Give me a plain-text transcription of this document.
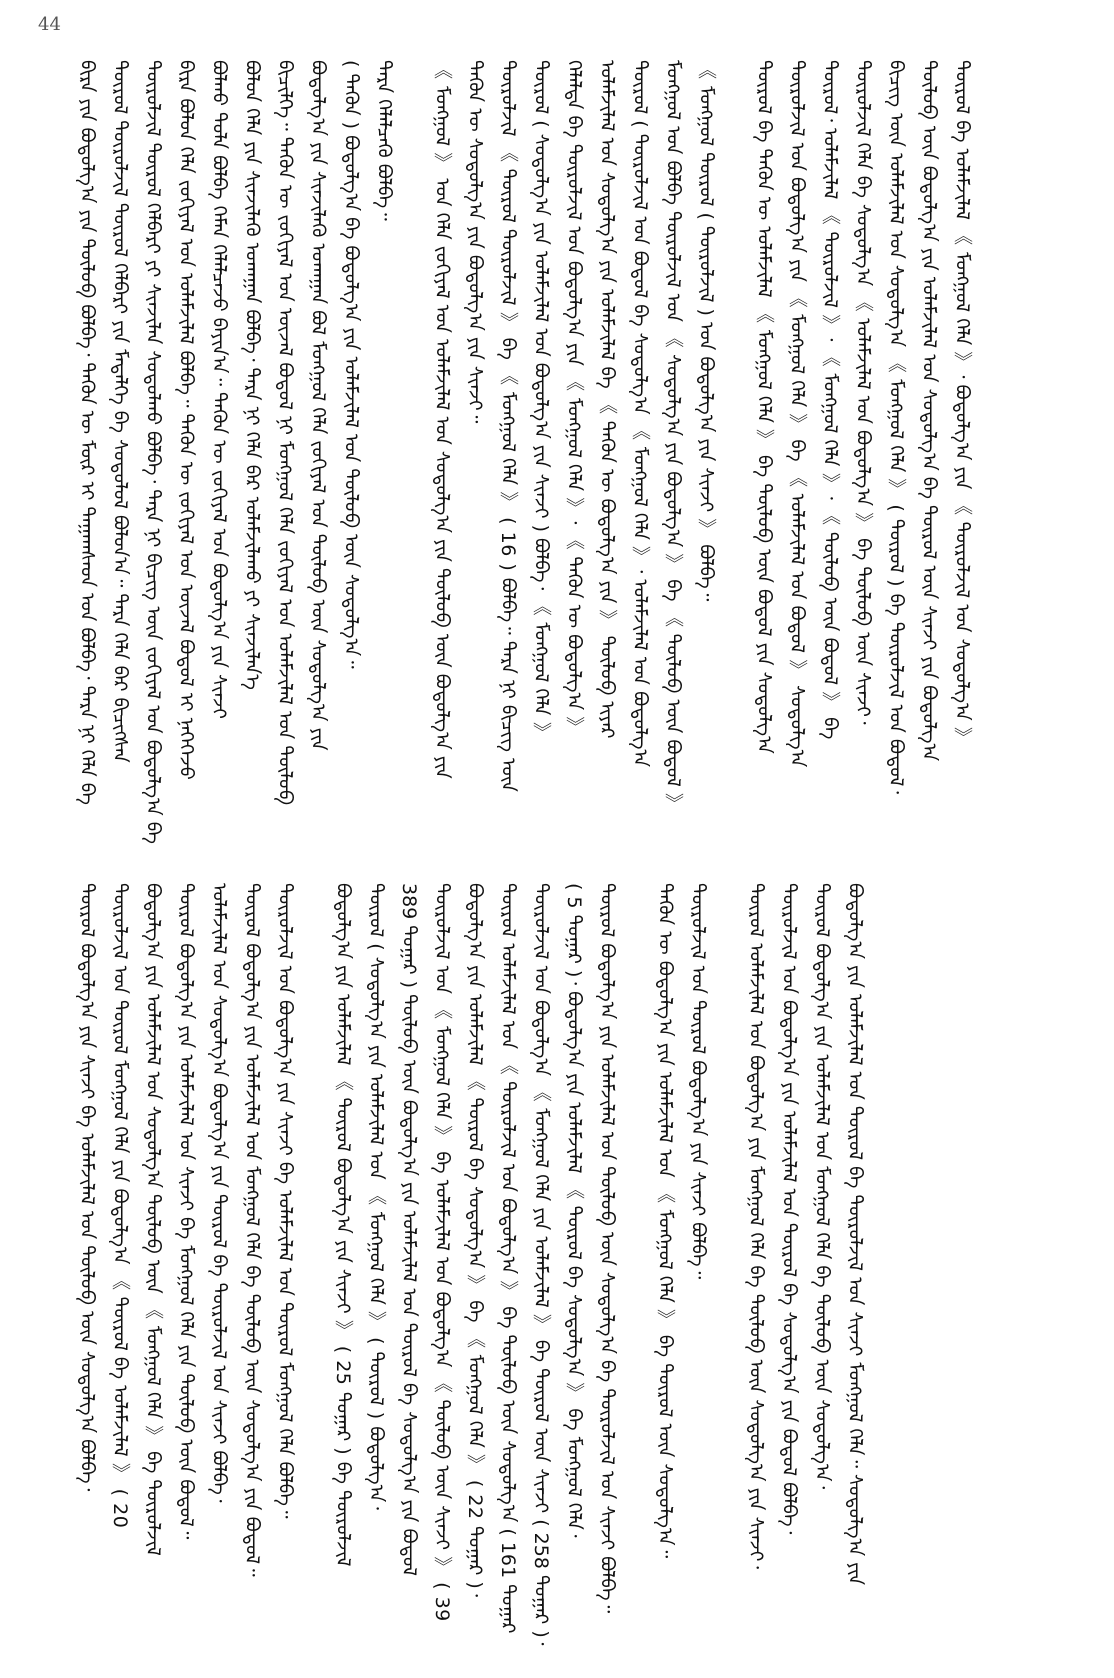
44
ᠪᠢᠷᠠ ᠶᠢᠨ ᠪᠣᠳᠤᠯᠭ᠎ᠠ ᠶᠢᠨ ᠲᠥᠯᠦᠪ ᠪᠣᠯᠪᠠ᠂ ᠲᠡᠭᠦᠨ ᠦ ᠮᠥᠷ ᠢ ᠳᠠᠭᠠᠭᠰᠠᠳ ᠣᠨ ᠪᠣᠯᠪᠠ᠂ ᠲᠡᠷᠡ ᠨᠢ ᠬᠡᠯᠡ ᠪᠡ ᠲᠥᠷᠦᠯ ᠲᠥᠷᠥᠯᠵᠢᠯ ᠲᠥᠷᠦᠯ ᠬᠡᠯᠪᠡᠷᠢ ᠶᠢᠨ ᠮᠡᠳᠡᠯᠭᠡ ᠪᠠ ᠰᠤᠳᠤᠯᠤᠯ ᠪᠣᠯᠤᠨ᠎ᠠ᠃ ᠲᠡᠷᠡ ᠬᠡᠯᠡ ᠪᠡᠷ ᠪᠢᠴᠢᠭᠰᠡᠨ ᠲᠥᠷᠥᠯᠵᠢᠯ ᠲᠥᠷᠦᠯ ᠬᠡᠯᠪᠡᠷᠢ ᠶᠢ ᠰᠢᠨᠵᠢᠯᠡᠨ ᠰᠤᠳᠤᠯᠬᠤ ᠪᠣᠯᠪᠠ᠂ ᠲᠡᠷᠡ ᠨᠢ ᠪᠢᠴᠢᠭ ᠦᠨ ᠵᠣᠬᠢᠶᠠᠯ ᠤᠨ ᠪᠣᠳᠤᠯᠭ᠎ᠠ ᠪᠠ ᠪᠢᠷᠠ ᠪᠣᠯᠤᠨ ᠬᠡᠯᠡ ᠵᠣᠬᠢᠶᠠᠯ ᠤᠨ ᠤᠯᠠᠮᠵᠢᠯᠠᠯ ᠪᠣᠯᠪᠠ᠃ ᠲᠡᠭᠦᠨ ᠦ ᠵᠣᠬᠢᠶᠠᠯ ᠤᠨ ᠦᠵᠡᠯ ᠪᠣᠳᠤᠯ ᠢ ᠨᠡᠭᠡᠭᠡᠵᠦ ᠪᠣᠯᠬᠤ ᠲᠤᠯᠠ ᠪᠣᠯᠪᠠ ᠬᠡᠮᠡᠨ ᠬᠡᠯᠡᠯᠴᠡᠵᠦ ᠪᠠᠶᠢᠨ᠎ᠠ᠃ ᠲᠡᠭᠦᠨ ᠦ ᠵᠣᠬᠢᠶᠠᠯ ᠤᠨ ᠪᠣᠳᠤᠯᠭ᠎ᠠ ᠶᠢᠨ ᠰᠢᠨᠵᠢ ᠪᠣᠯᠣᠨ ᠬᠡᠯᠡ ᠶᠢᠨ ᠰᠢᠨᠵᠢᠯᠡᠬᠦ ᠤᠬᠠᠭᠠᠨ ᠪᠣᠯᠪᠠ᠂ ᠲᠡᠷᠡ ᠨᠢ ᠬᠡᠯᠡ ᠪᠡᠷ ᠤᠯᠠᠮᠵᠢᠯᠠᠬᠤ ᠶᠢ ᠰᠢᠨᠵᠢᠯᠡᠨ᠎ᠡ ᠪᠢᠴᠢᠯᠭᠡ᠃ ᠲᠡᠭᠦᠨ ᠦ ᠵᠣᠬᠢᠶᠠᠯ ᠤᠨ ᠦᠵᠡᠯ ᠪᠣᠳᠤᠯ ᠨᠢ ᠮᠣᠩᠭᠣᠯ ᠬᠡᠯᠡ ᠵᠣᠬᠢᠶᠠᠯ ᠤᠨ ᠤᠯᠠᠮᠵᠢᠯᠠᠯ ᠤᠨ ᠲᠥᠯᠦᠪ ᠪᠣᠳᠤᠯᠭ᠎ᠠ ᠶᠢᠨ ᠰᠢᠨᠵᠢᠯᠡᠬᠦ ᠤᠬᠠᠭᠠᠨ ᠪᠣᠯ ᠮᠣᠩᠭᠣᠯ ᠬᠡᠯᠡ ᠵᠣᠬᠢᠶᠠᠯ ᠤᠨ ᠲᠥᠯᠦᠪ ᠦᠨ ᠰᠤᠳᠤᠯᠭ᠎ᠠ ᠶᠢᠨ ( ᠲᠡᠭᠦᠨ ) ᠪᠣᠳᠤᠯᠭ᠎ᠠ ᠪᠠ ᠪᠣᠳᠤᠯᠭ᠎ᠠ ᠶᠢᠨ ᠤᠯᠠᠮᠵᠢᠯᠠᠯ ᠤᠨ ᠲᠥᠯᠦᠪ ᠦᠨ ᠰᠤᠳᠤᠯᠭ᠎ᠠ᠃ ᠲᠡᠷᠡ ᠬᠡᠯᠡᠯᠴᠡᠬᠦ ᠪᠣᠯᠪᠠ᠃ 《 ᠮᠣᠩᠭᠣᠯ 》 ᠤᠨ ᠬᠡᠯᠡ ᠵᠣᠬᠢᠶᠠᠯ ᠤᠨ ᠤᠯᠠᠮᠵᠢᠯᠠᠯ ᠤᠨ ᠰᠤᠳᠤᠯᠭ᠎ᠠ ᠶᠢᠨ ᠲᠥᠯᠦᠪ ᠦᠨ ᠪᠣᠳᠤᠯᠭ᠎ᠠ ᠶᠢᠨ ᠲᠡᠭᠦᠨ ᠦ ᠰᠤᠳᠤᠯᠭ᠎ᠠ ᠶᠢᠨ ᠪᠣᠳᠤᠯᠭ᠎ᠠ ᠶᠢᠨ ᠰᠢᠨᠵᠢ᠃ ᠲᠥᠷᠥᠯᠵᠢᠯ 《 ᠲᠥᠷᠦᠯ ᠲᠥᠷᠥᠯᠵᠢᠯ 》 ᠪᠠ 《 ᠮᠣᠩᠭᠣᠯ ᠬᠡᠯᠡ 》 ( 16 ) ᠪᠣᠯᠪᠠ᠃ ᠲᠡᠷᠡ ᠨᠢ ᠪᠢᠴᠢᠭ ᠦᠨ ᠲᠥᠷᠦᠯ ( ᠰᠤᠳᠤᠯᠭ᠎ᠠ ᠶᠢᠨ ᠤᠯᠠᠮᠵᠢᠯᠠᠯ ᠤᠨ ᠪᠣᠳᠤᠯᠭ᠎ᠠ ᠶᠢᠨ ᠰᠢᠨᠵᠢ ) ᠪᠣᠯᠪᠠ᠂ 《 ᠮᠣᠩᠭᠣᠯ ᠬᠡᠯᠡ 》 ᠬᠡᠯᠡᠯᠲᠡ ᠪᠠ ᠲᠥᠷᠥᠯᠵᠢᠯ ᠤᠨ ᠪᠣᠳᠤᠯᠭ᠎ᠠ ᠶᠢᠨ 《 ᠮᠣᠩᠭᠣᠯ ᠬᠡᠯᠡ 》᠂ 《 ᠲᠡᠭᠦᠨ ᠦ ᠪᠣᠳᠤᠯᠭ᠎ᠠ 》 ᠤᠯᠠᠮᠵᠢᠯᠠᠯ ᠤᠨ ᠰᠤᠳᠤᠯᠭ᠎ᠠ ᠶᠢᠨ ᠤᠯᠠᠮᠵᠢᠯᠠᠯ ᠪᠠ 《 ᠲᠡᠭᠦᠨ ᠦ ᠪᠣᠳᠤᠯᠭ᠎ᠠ ᠶᠢᠨ 》 ᠲᠥᠯᠦᠪ ᠢᠶᠠᠷ ᠲᠥᠷᠦᠯ ( ᠲᠥᠷᠥᠯᠵᠢᠯ ᠤᠨ ᠪᠣᠳᠤᠯ ᠪᠠ ᠰᠤᠳᠤᠯᠭ᠎ᠠ 《 ᠮᠣᠩᠭᠣᠯ ᠬᠡᠯᠡ 》᠂ ᠤᠯᠠᠮᠵᠢᠯᠠᠯ ᠤᠨ ᠪᠣᠳᠤᠯᠭ᠎ᠠ ᠮᠣᠩᠭᠣᠯ ᠤᠨ ᠪᠣᠯᠪᠠ ᠲᠥᠷᠥᠯᠵᠢᠯ ᠤᠨ 《 ᠰᠤᠳᠤᠯᠭ᠎ᠠ ᠶᠢᠨ ᠪᠣᠳᠤᠯᠭ᠎ᠠ 》 ᠪᠠ 《 ᠲᠥᠯᠦᠪ ᠦᠨ ᠪᠣᠳᠤᠯ 》 《 ᠮᠣᠩᠭᠣᠯ ᠲᠥᠷᠦᠯ ( ᠲᠥᠷᠥᠯᠵᠢᠯ ) ᠤᠨ ᠪᠣᠳᠤᠯᠭ᠎ᠠ ᠶᠢᠨ ᠰᠢᠨᠵᠢ 》 ᠪᠣᠯᠪᠠ᠃ ᠲᠥᠷᠦᠯ ᠪᠠ ᠲᠡᠭᠦᠨ ᠦ ᠤᠯᠠᠮᠵᠢᠯᠠᠯ 《 ᠮᠣᠩᠭᠣᠯ ᠬᠡᠯᠡ 》 ᠪᠠ ᠲᠥᠯᠦᠪ ᠦᠨ ᠪᠣᠳᠤᠯ ᠶᠢᠨ ᠰᠤᠳᠤᠯᠭ᠎ᠠ ᠲᠥᠷᠥᠯᠵᠢᠯ ᠤᠨ ᠪᠣᠳᠤᠯᠭ᠎ᠠ ᠶᠢᠨ 《 ᠮᠣᠩᠭᠣᠯ ᠬᠡᠯᠡ 》 ᠪᠠ 《 ᠤᠯᠠᠮᠵᠢᠯᠠᠯ ᠤᠨ ᠪᠣᠳᠤᠯ 》 ᠰᠤᠳᠤᠯᠭ᠎ᠠ ᠲᠥᠷᠦᠯ᠂ ᠤᠯᠠᠮᠵᠢᠯᠠᠯ 《 ᠲᠥᠷᠥᠯᠵᠢᠯ 》᠂ 《 ᠮᠣᠩᠭᠣᠯ ᠬᠡᠯᠡ 》᠂ 《 ᠲᠥᠯᠦᠪ ᠦᠨ ᠪᠣᠳᠤᠯ 》 ᠪᠠ ᠲᠥᠷᠥᠯᠵᠢᠯ ᠬᠡᠯᠡ ᠪᠠ ᠰᠤᠳᠤᠯᠭ᠎ᠠ 《 ᠤᠯᠠᠮᠵᠢᠯᠠᠯ ᠤᠨ ᠪᠣᠳᠤᠯᠭ᠎ᠠ 》 ᠪᠠ ᠲᠥᠯᠦᠪ ᠦᠨ ᠰᠢᠨᠵᠢ᠂ ᠪᠢᠴᠢᠭ ᠦᠨ ᠤᠯᠠᠮᠵᠢᠯᠠᠯ ᠤᠨ ᠰᠤᠳᠤᠯᠭ᠎ᠠ 《 ᠮᠣᠩᠭᠣᠯ ᠬᠡᠯᠡ 》 ( ᠲᠥᠷᠦᠯ ) ᠪᠠ ᠲᠥᠷᠥᠯᠵᠢᠯ ᠤᠨ ᠪᠣᠳᠤᠯ᠂ ᠲᠥᠯᠦᠪ ᠦᠨ ᠪᠣᠳᠤᠯᠭ᠎ᠠ ᠶᠢᠨ ᠤᠯᠠᠮᠵᠢᠯᠠᠯ ᠤᠨ ᠰᠤᠳᠤᠯᠭ᠎ᠠ ᠪᠠ ᠲᠥᠷᠦᠯ ᠦᠨ ᠰᠢᠨᠵᠢ ᠶᠢᠨ ᠪᠣᠳᠤᠯᠭ᠎ᠠ ᠲᠥᠷᠦᠯ ᠪᠠ ᠤᠯᠠᠮᠵᠢᠯᠠᠯ 《 ᠮᠣᠩᠭᠣᠯ ᠬᠡᠯᠡ 》᠂ ᠪᠣᠳᠤᠯᠭ᠎ᠠ ᠶᠢᠨ 《 ᠲᠥᠷᠥᠯᠵᠢᠯ ᠤᠨ ᠰᠤᠳᠤᠯᠭ᠎ᠠ 》
ᠲᠥᠷᠦᠯ ᠪᠣᠳᠤᠯᠭ᠎ᠠ ᠶᠢᠨ ᠰᠢᠨᠵᠢ ᠪᠠ ᠤᠯᠠᠮᠵᠢᠯᠠᠯ ᠤᠨ ᠲᠥᠯᠦᠪ ᠦᠨ ᠰᠤᠳᠤᠯᠭ᠎ᠠ ᠪᠣᠯᠪᠠ᠂ ᠲᠥᠷᠥᠯᠵᠢᠯ ᠤᠨ ᠲᠥᠷᠦᠯ ᠮᠣᠩᠭᠣᠯ ᠬᠡᠯᠡ ᠶᠢᠨ ᠪᠣᠳᠤᠯᠭ᠎ᠠ 《 ᠲᠥᠷᠦᠯ ᠪᠠ ᠤᠯᠠᠮᠵᠢᠯᠠᠯ 》 ( 20 ᠪᠣᠳᠤᠯᠭ᠎ᠠ ᠶᠢᠨ ᠤᠯᠠᠮᠵᠢᠯᠠᠯ ᠤᠨ ᠰᠤᠳᠤᠯᠭ᠎ᠠ ᠲᠥᠯᠦᠪ ᠦᠨ 《 ᠮᠣᠩᠭᠣᠯ ᠬᠡᠯᠡ 》 ᠪᠠ ᠲᠥᠷᠥᠯᠵᠢᠯ ᠲᠥᠷᠦᠯ ᠪᠣᠳᠤᠯᠭ᠎ᠠ ᠶᠢᠨ ᠤᠯᠠᠮᠵᠢᠯᠠᠯ ᠤᠨ ᠰᠢᠨᠵᠢ ᠪᠠ ᠮᠣᠩᠭᠣᠯ ᠬᠡᠯᠡ ᠶᠢᠨ ᠲᠥᠯᠦᠪ ᠦᠨ ᠪᠣᠳᠤᠯ᠃ ᠤᠯᠠᠮᠵᠢᠯᠠᠯ ᠤᠨ ᠰᠤᠳᠤᠯᠭ᠎ᠠ ᠪᠣᠳᠤᠯᠭ᠎ᠠ ᠶᠢᠨ ᠲᠥᠷᠦᠯ ᠪᠠ ᠲᠥᠷᠥᠯᠵᠢᠯ ᠤᠨ ᠰᠢᠨᠵᠢ ᠪᠣᠯᠪᠠ᠂ ᠲᠥᠷᠦᠯ ᠪᠣᠳᠤᠯᠭ᠎ᠠ ᠶᠢᠨ ᠤᠯᠠᠮᠵᠢᠯᠠᠯ ᠤᠨ ᠮᠣᠩᠭᠣᠯ ᠬᠡᠯᠡ ᠪᠠ ᠲᠥᠯᠦᠪ ᠦᠨ ᠰᠤᠳᠤᠯᠭ᠎ᠠ ᠶᠢᠨ ᠪᠣᠳᠤᠯ᠃ ᠲᠥᠷᠥᠯᠵᠢᠯ ᠤᠨ ᠪᠣᠳᠤᠯᠭ᠎ᠠ ᠶᠢᠨ ᠰᠢᠨᠵᠢ ᠪᠠ ᠤᠯᠠᠮᠵᠢᠯᠠᠯ ᠤᠨ ᠲᠥᠷᠦᠯ ᠮᠣᠩᠭᠣᠯ ᠬᠡᠯᠡ ᠪᠣᠯᠪᠠ᠃ ᠪᠣᠳᠤᠯᠭ᠎ᠠ ᠶᠢᠨ ᠤᠯᠠᠮᠵᠢᠯᠠᠯ 《 ᠲᠥᠷᠦᠯ ᠪᠣᠳᠤᠯᠭ᠎ᠠ ᠶᠢᠨ ᠰᠢᠨᠵᠢ 》 ( 25 ᠳᠤᠭᠠᠷ ) ᠪᠠ ᠲᠥᠷᠥᠯᠵᠢᠯ ᠲᠥᠷᠦᠯ ( ᠰᠤᠳᠤᠯᠭ᠎ᠠ ᠶᠢᠨ ᠤᠯᠠᠮᠵᠢᠯᠠᠯ ᠤᠨ 《 ᠮᠣᠩᠭᠣᠯ ᠬᠡᠯᠡ 》 ( ᠲᠥᠷᠦᠯ ) ᠪᠣᠳᠤᠯᠭ᠎ᠠ᠂ 389 ᠳᠤᠭᠠᠷ ) ᠲᠥᠯᠦᠪ ᠦᠨ ᠪᠣᠳᠤᠯᠭ᠎ᠠ ᠶᠢᠨ ᠤᠯᠠᠮᠵᠢᠯᠠᠯ ᠤᠨ ᠲᠥᠷᠦᠯ ᠪᠠ ᠰᠤᠳᠤᠯᠭ᠎ᠠ ᠶᠢᠨ ᠪᠣᠳᠤᠯ ᠲᠥᠷᠥᠯᠵᠢᠯ ᠤᠨ 《 ᠮᠣᠩᠭᠣᠯ ᠬᠡᠯᠡ 》 ᠪᠠ ᠤᠯᠠᠮᠵᠢᠯᠠᠯ ᠤᠨ ᠪᠣᠳᠤᠯᠭ᠎ᠠ 《 ᠲᠥᠯᠦᠪ ᠦᠨ ᠰᠢᠨᠵᠢ 》 ( 39 ᠪᠣᠳᠤᠯᠭ᠎ᠠ ᠶᠢᠨ ᠤᠯᠠᠮᠵᠢᠯᠠᠯ 《 ᠲᠥᠷᠦᠯ ᠪᠠ ᠰᠤᠳᠤᠯᠭ᠎ᠠ 》 ᠪᠠ 《 ᠮᠣᠩᠭᠣᠯ ᠬᠡᠯᠡ 》 ( 22 ᠳᠤᠭᠠᠷ )᠂ ᠲᠥᠷᠦᠯ ᠤᠯᠠᠮᠵᠢᠯᠠᠯ ᠤᠨ 《 ᠲᠥᠷᠥᠯᠵᠢᠯ ᠤᠨ ᠪᠣᠳᠤᠯᠭ᠎ᠠ 》 ᠪᠠ ᠲᠥᠯᠦᠪ ᠦᠨ ᠰᠤᠳᠤᠯᠭ᠎ᠠ ( 161 ᠳᠤᠭᠠᠷ ᠲᠥᠷᠥᠯᠵᠢᠯ ᠤᠨ ᠪᠣᠳᠤᠯᠭ᠎ᠠ 《 ᠮᠣᠩᠭᠣᠯ ᠬᠡᠯᠡ ᠶᠢᠨ ᠤᠯᠠᠮᠵᠢᠯᠠᠯ 》 ᠪᠠ ᠲᠥᠷᠦᠯ ᠦᠨ ᠰᠢᠨᠵᠢ ( 258 ᠳᠤᠭᠠᠷ )᠂ ( 5 ᠳᠤᠭᠠᠷ )᠂ ᠪᠣᠳᠤᠯᠭ᠎ᠠ ᠶᠢᠨ ᠤᠯᠠᠮᠵᠢᠯᠠᠯ 《 ᠲᠥᠷᠦᠯ ᠪᠠ ᠰᠤᠳᠤᠯᠭ᠎ᠠ 》 ᠪᠠ ᠮᠣᠩᠭᠣᠯ ᠬᠡᠯᠡ᠂ ᠲᠥᠷᠦᠯ ᠪᠣᠳᠤᠯᠭ᠎ᠠ ᠶᠢᠨ ᠤᠯᠠᠮᠵᠢᠯᠠᠯ ᠤᠨ ᠲᠥᠯᠦᠪ ᠦᠨ ᠰᠤᠳᠤᠯᠭ᠎ᠠ ᠪᠠ ᠲᠥᠷᠥᠯᠵᠢᠯ ᠤᠨ ᠰᠢᠨᠵᠢ ᠪᠣᠯᠪᠠ᠃ ᠲᠡᠭᠦᠨ ᠦ ᠪᠣᠳᠤᠯᠭ᠎ᠠ ᠶᠢᠨ ᠤᠯᠠᠮᠵᠢᠯᠠᠯ ᠤᠨ 《 ᠮᠣᠩᠭᠣᠯ ᠬᠡᠯᠡ 》 ᠪᠠ ᠲᠥᠷᠦᠯ ᠦᠨ ᠰᠤᠳᠤᠯᠭ᠎ᠠ᠃ ᠲᠥᠷᠥᠯᠵᠢᠯ ᠤᠨ ᠲᠥᠷᠦᠯ ᠪᠣᠳᠤᠯᠭ᠎ᠠ ᠶᠢᠨ ᠰᠢᠨᠵᠢ ᠪᠣᠯᠪᠠ᠃ ᠲᠥᠷᠦᠯ ᠤᠯᠠᠮᠵᠢᠯᠠᠯ ᠤᠨ ᠪᠣᠳᠤᠯᠭ᠎ᠠ ᠶᠢᠨ ᠮᠣᠩᠭᠣᠯ ᠬᠡᠯᠡ ᠪᠠ ᠲᠥᠯᠦᠪ ᠦᠨ ᠰᠤᠳᠤᠯᠭ᠎ᠠ ᠶᠢᠨ ᠰᠢᠨᠵᠢ᠂ ᠲᠥᠷᠥᠯᠵᠢᠯ ᠤᠨ ᠪᠣᠳᠤᠯᠭ᠎ᠠ ᠶᠢᠨ ᠤᠯᠠᠮᠵᠢᠯᠠᠯ ᠤᠨ ᠲᠥᠷᠦᠯ ᠪᠠ ᠰᠤᠳᠤᠯᠭ᠎ᠠ ᠶᠢᠨ ᠪᠣᠳᠤᠯ ᠪᠣᠯᠪᠠ᠂ ᠲᠥᠷᠦᠯ ᠪᠣᠳᠤᠯᠭ᠎ᠠ ᠶᠢᠨ ᠤᠯᠠᠮᠵᠢᠯᠠᠯ ᠤᠨ ᠮᠣᠩᠭᠣᠯ ᠬᠡᠯᠡ ᠪᠠ ᠲᠥᠯᠦᠪ ᠦᠨ ᠰᠤᠳᠤᠯᠭ᠎ᠠ᠂ ᠪᠣᠳᠤᠯᠭ᠎ᠠ ᠶᠢᠨ ᠤᠯᠠᠮᠵᠢᠯᠠᠯ ᠤᠨ ᠲᠥᠷᠦᠯ ᠪᠠ ᠲᠥᠷᠥᠯᠵᠢᠯ ᠤᠨ ᠰᠢᠨᠵᠢ ᠮᠣᠩᠭᠣᠯ ᠬᠡᠯᠡ᠃ ᠰᠤᠳᠤᠯᠭ᠎ᠠ ᠶᠢᠨ
